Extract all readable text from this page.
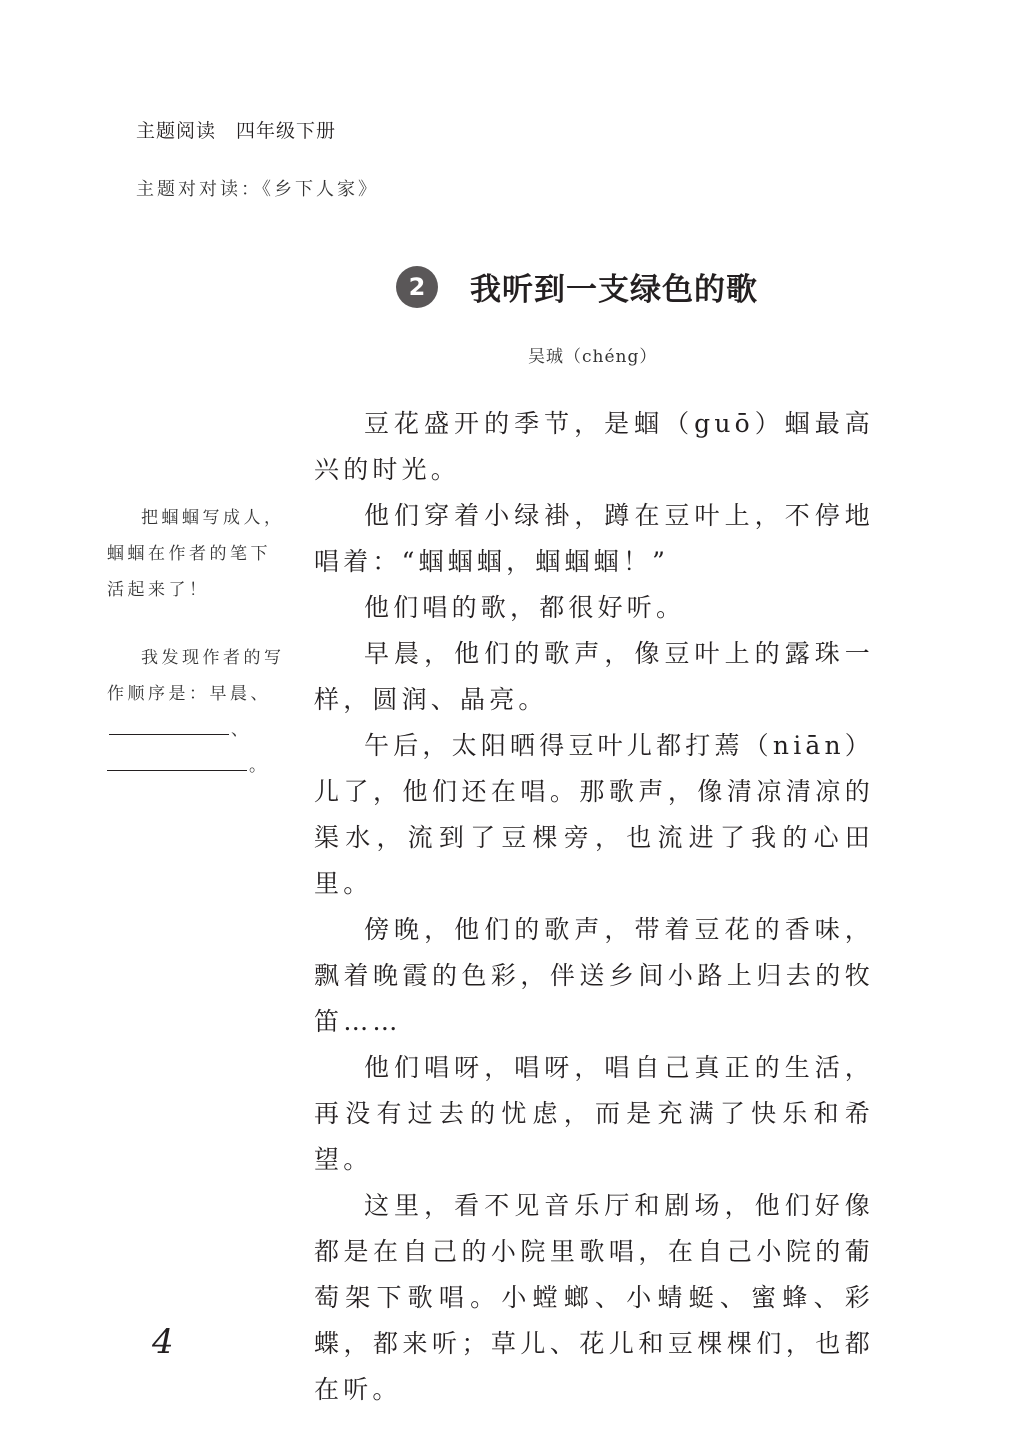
主题阅读　四年级下册
主题对对读：《乡下人家》
2	我听到一支绿色的歌
吴珹（chéng）

豆花盛开的季节，是蝈（guō）蝈最高兴的时光。

他们穿着小绿褂，蹲在豆叶上，不停地唱着：“蝈蝈蝈，蝈蝈蝈！”

他们唱的歌，都很好听。

早晨，他们的歌声，像豆叶上的露珠一样，圆润、晶亮。

午后，太阳晒得豆叶儿都打蔫（niān）儿了，他们还在唱。那歌声，像清凉清凉的渠水，流到了豆棵旁，也流进了我的心田里。

傍晚，他们的歌声，带着豆花的香味，飘着晚霞的色彩，伴送乡间小路上归去的牧笛……

他们唱呀，唱呀，唱自己真正的生活，再没有过去的忧虑，而是充满了快乐和希望。

这里，看不见音乐厅和剧场，他们好像都是在自己的小院里歌唱，在自己小院的葡萄架下歌唱。小螳螂、小蜻蜓、蜜蜂、彩蝶，都来听；草儿、花儿和豆棵棵们，也都在听。

把蝈蝈写成人，蝈蝈在作者的笔下活起来了！

我发现作者的写作顺序是：早晨、、

。
4
